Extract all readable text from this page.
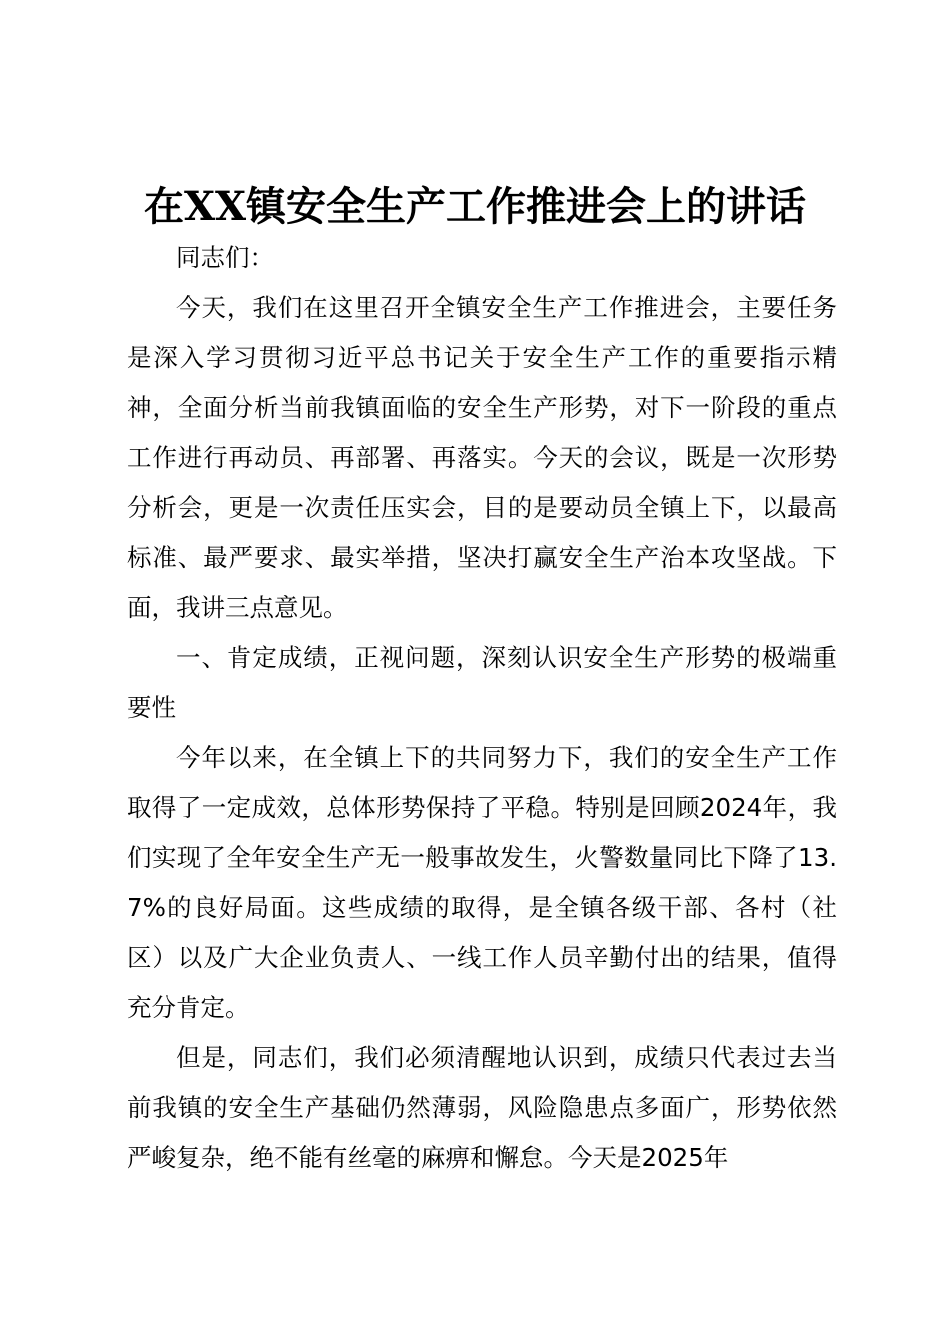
在XX镇安全生产工作推进会上的讲话

同志们：

今天，我们在这里召开全镇安全生产工作推进会，主要任务是深入学习贯彻习近平总书记关于安全生产工作的重要指示精神，全面分析当前我镇面临的安全生产形势，对下一阶段的重点工作进行再动员、再部署、再落实。今天的会议，既是一次形势分析会，更是一次责任压实会，目的是要动员全镇上下，以最高标准、最严要求、最实举措，坚决打赢安全生产治本攻坚战。下面，我讲三点意见。

一、肯定成绩，正视问题，深刻认识安全生产形势的极端重要性

今年以来，在全镇上下的共同努力下，我们的安全生产工作取得了一定成效，总体形势保持了平稳。特别是回顾2024年，我们实现了全年安全生产无一般事故发生，火警数量同比下降了13.7%的良好局面。这些成绩的取得，是全镇各级干部、各村（社区）以及广大企业负责人、一线工作人员辛勤付出的结果，值得充分肯定。

但是，同志们，我们必须清醒地认识到，成绩只代表过去当前我镇的安全生产基础仍然薄弱，风险隐患点多面广，形势依然严峻复杂，绝不能有丝毫的麻痹和懈怠。今天是2025年
